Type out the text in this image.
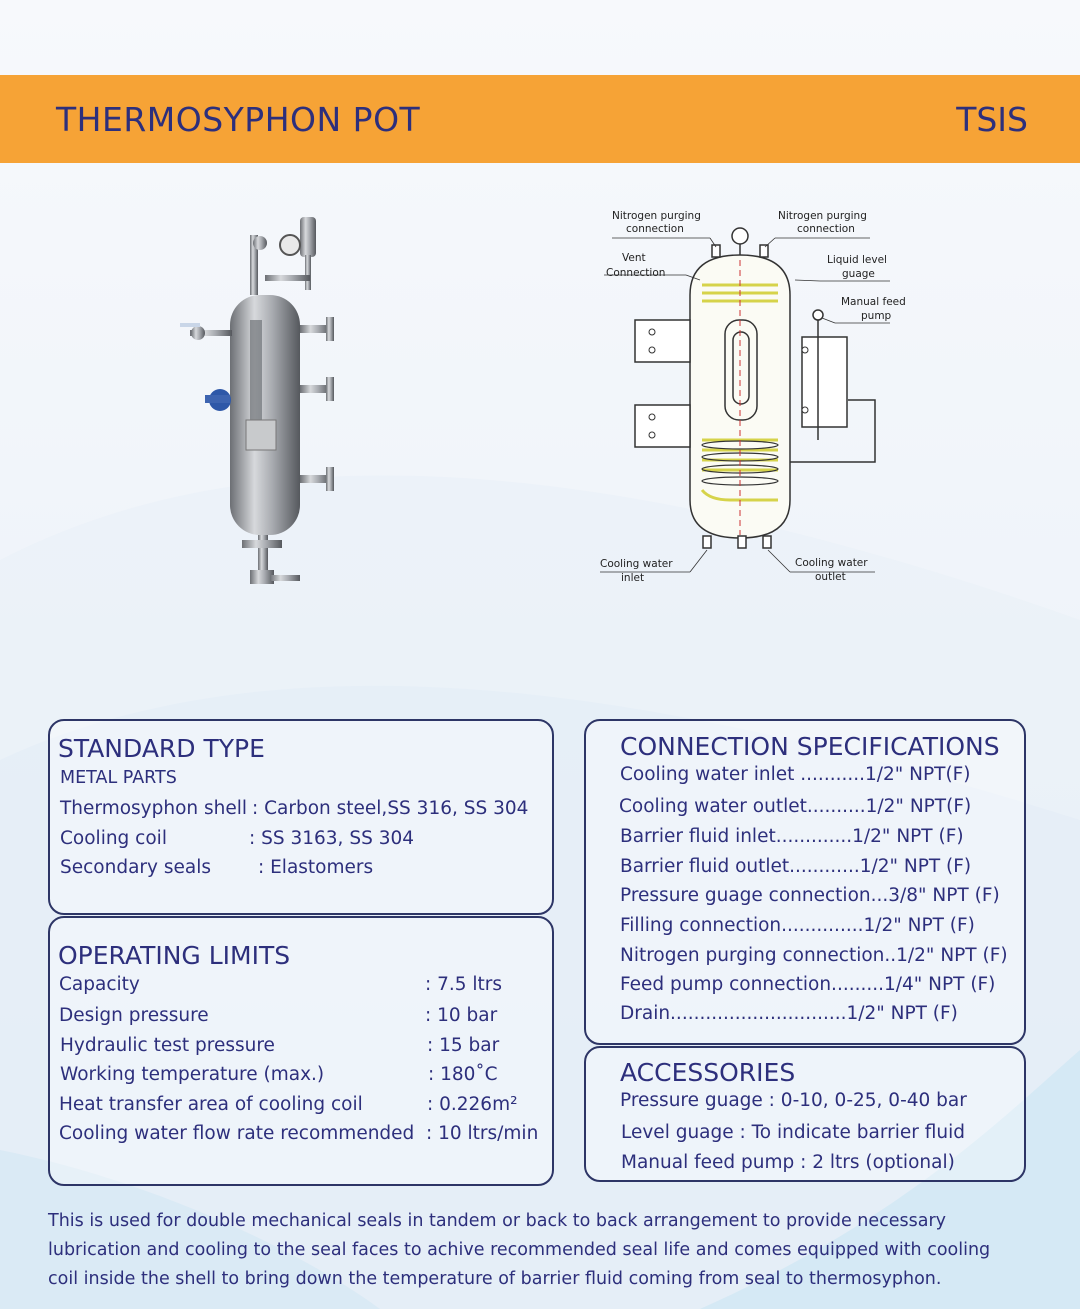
THERMOSYPHON POT	TSIS
Nitrogen purging
connection
Nitrogen purging
connection
Vent
Connection
Liquid level
guage
Manual feed
pump
Cooling water
inlet
Cooling water
outlet
STANDARD TYPE
METAL PARTS
Thermosyphon shell : Carbon steel,SS 316, SS 304
Cooling coil	: SS 3163, SS 304
Secondary seals	: Elastomers
OPERATING LIMITS
Capacity	: 7.5 ltrs
Design pressure	: 10 bar
Hydraulic test pressure	: 15 bar
Working temperature (max.)	: 180˚C
Heat transfer area of cooling coil	: 0.226m²
Cooling water flow rate recommended : 10 ltrs/min
CONNECTION SPECIFICATIONS
Cooling water inlet ...........1/2" NPT(F)
Cooling water outlet..........1/2" NPT(F)
Barrier fluid inlet.............1/2" NPT (F)
Barrier fluid outlet............1/2" NPT (F)
Pressure guage connection...3/8" NPT (F)
Filling connection..............1/2" NPT (F)
Nitrogen purging connection..1/2" NPT (F)
Feed pump connection.........1/4" NPT (F)
Drain..............................1/2" NPT (F)
ACCESSORIES
Pressure guage : 0-10, 0-25, 0-40 bar
Level guage : To indicate barrier fluid
Manual feed pump : 2 ltrs (optional)
This is used for double mechanical seals in tandem or back to back arrangement to provide necessary
lubrication and cooling to the seal faces to achive recommended seal life and comes equipped with cooling
coil inside the shell to bring down the temperature of barrier fluid coming from seal to thermosyphon.
